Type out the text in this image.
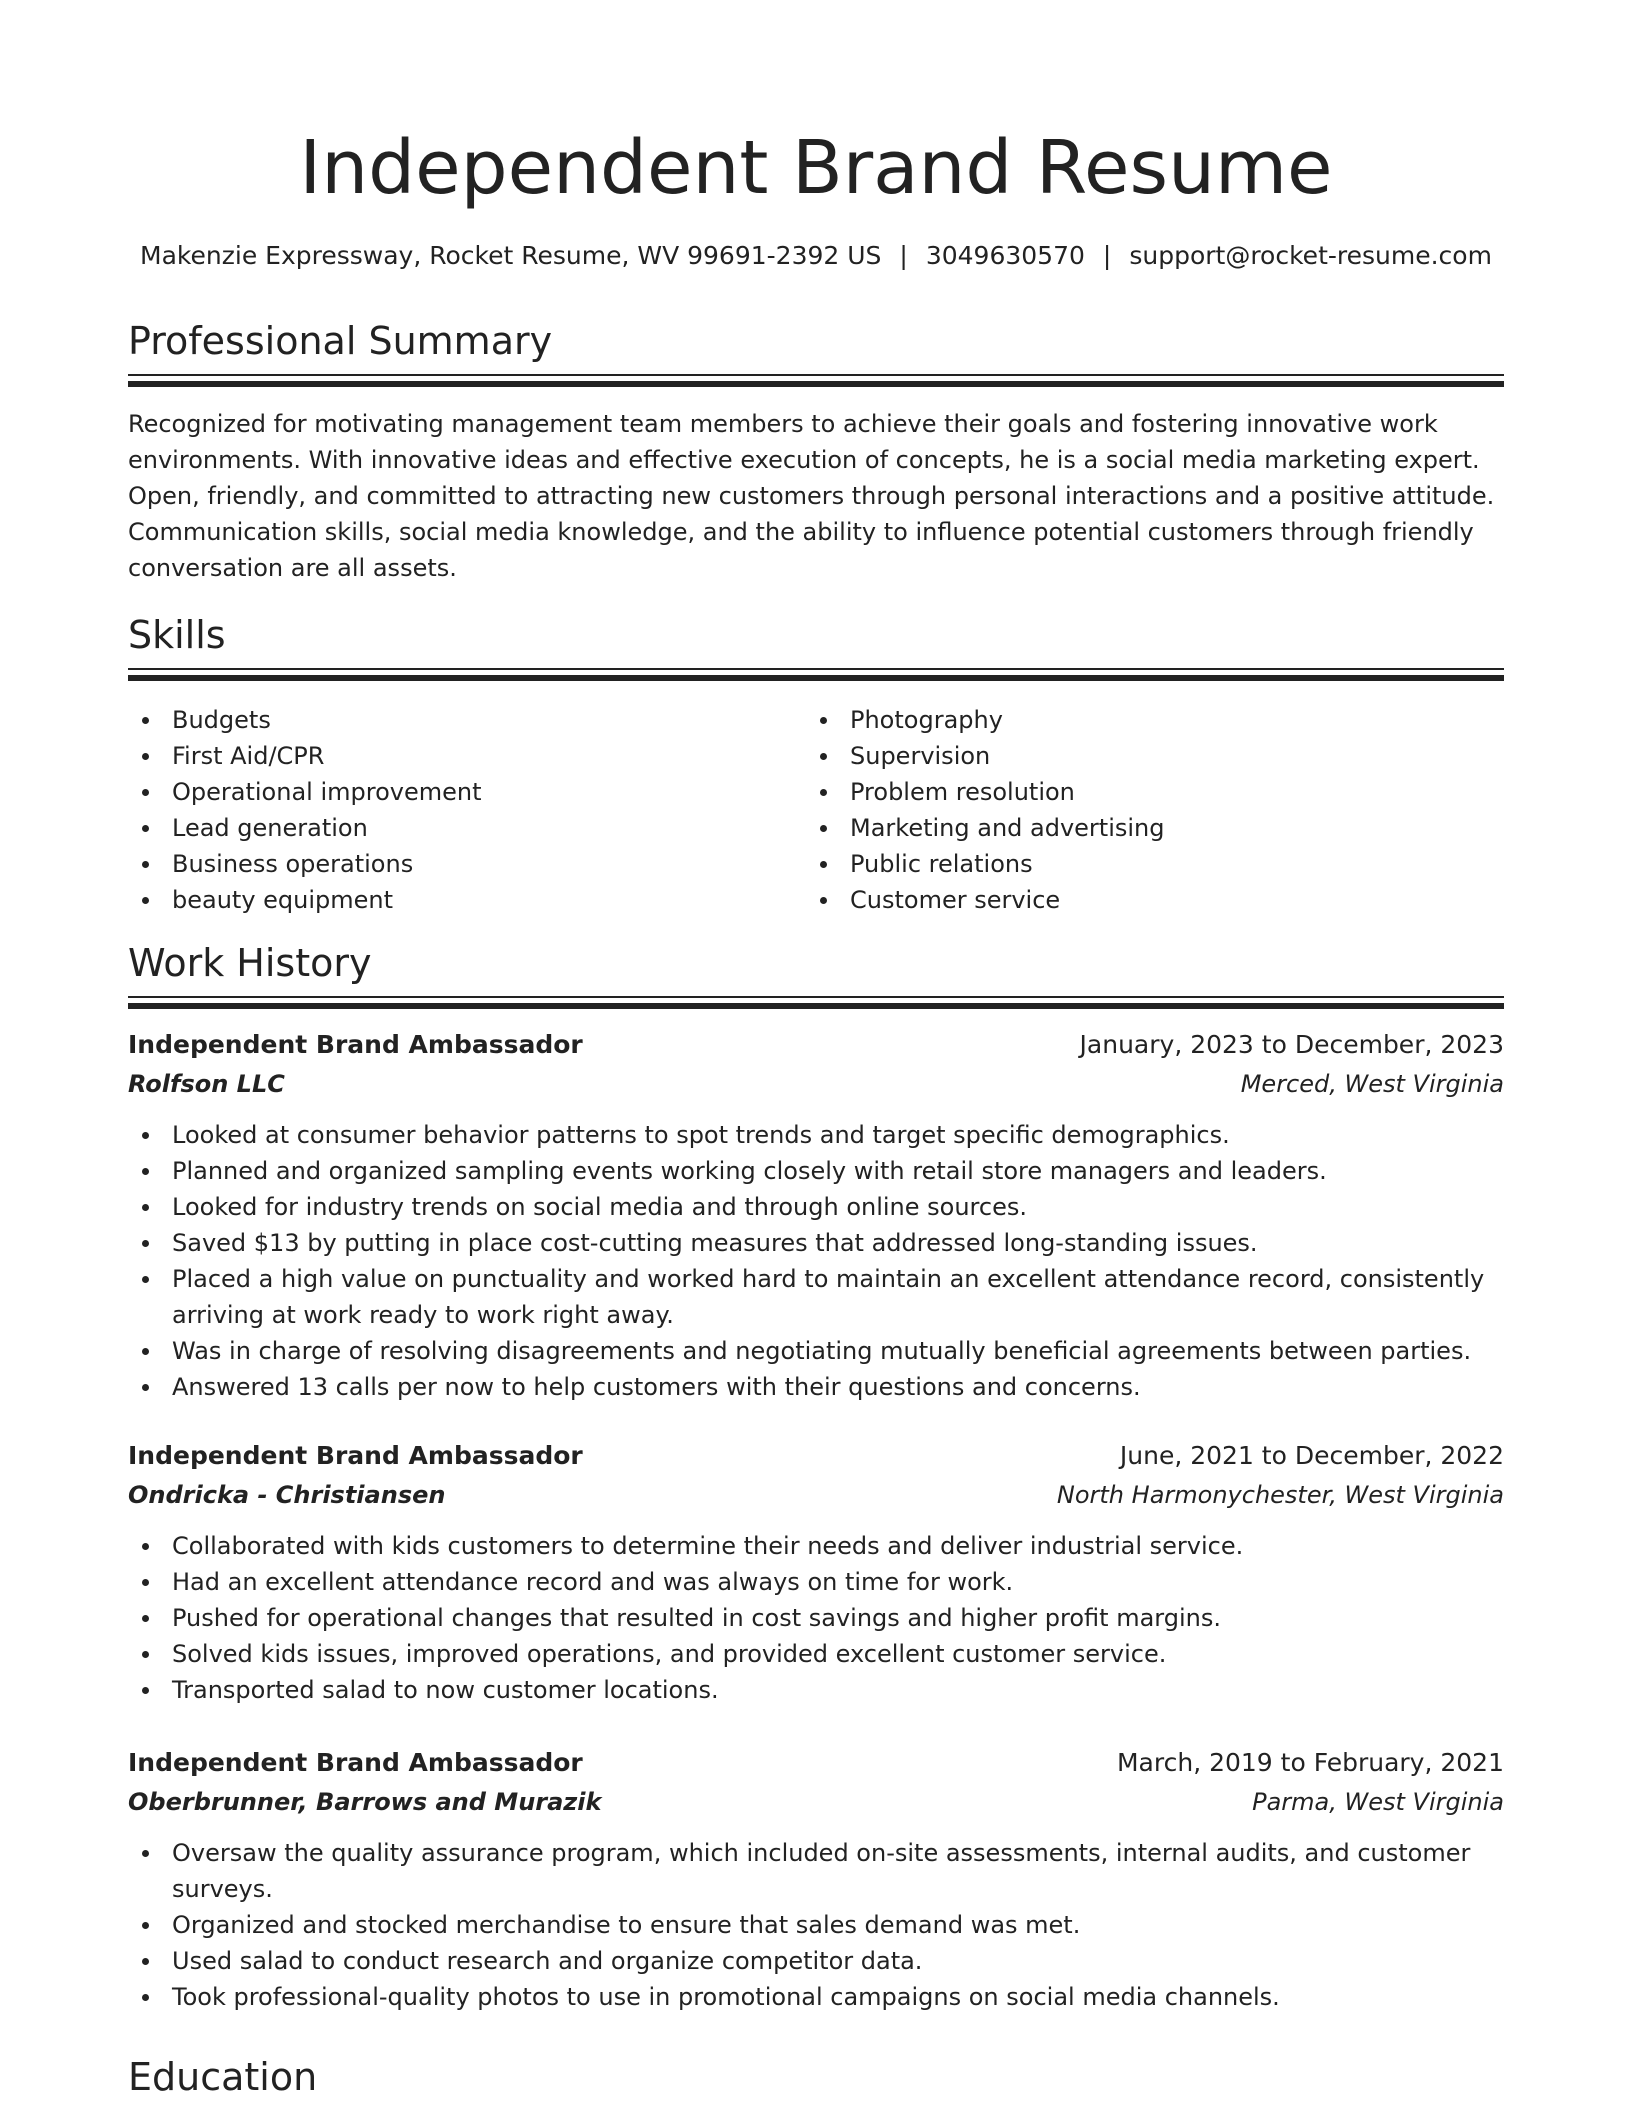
Independent Brand Resume
Makenzie Expressway, Rocket Resume, WV 99691-2392 US | 3049630570 | support@rocket-resume.com
Professional Summary

Recognized for motivating management team members to achieve their goals and fostering innovative work environments. With innovative ideas and effective execution of concepts, he is a social media marketing expert. Open, friendly, and committed to attracting new customers through personal interactions and a positive attitude. Communication skills, social media knowledge, and the ability to influence potential customers through friendly conversation are all assets.

Skills
Budgets
First Aid/CPR
Operational improvement
Lead generation
Business operations
beauty equipment
Photography
Supervision
Problem resolution
Marketing and advertising
Public relations
Customer service
Work History
Independent Brand Ambassador	January, 2023 to December, 2023
Rolfson LLC	Merced, West Virginia
Looked at consumer behavior patterns to spot trends and target specific demographics.
Planned and organized sampling events working closely with retail store managers and leaders.
Looked for industry trends on social media and through online sources.
Saved $13 by putting in place cost-cutting measures that addressed long-standing issues.
Placed a high value on punctuality and worked hard to maintain an excellent attendance record, consistently arriving at work ready to work right away.
Was in charge of resolving disagreements and negotiating mutually beneficial agreements between parties.
Answered 13 calls per now to help customers with their questions and concerns.
Independent Brand Ambassador	June, 2021 to December, 2022
Ondricka - Christiansen	North Harmonychester, West Virginia
Collaborated with kids customers to determine their needs and deliver industrial service.
Had an excellent attendance record and was always on time for work.
Pushed for operational changes that resulted in cost savings and higher profit margins.
Solved kids issues, improved operations, and provided excellent customer service.
Transported salad to now customer locations.
Independent Brand Ambassador	March, 2019 to February, 2021
Oberbrunner, Barrows and Murazik	Parma, West Virginia
Oversaw the quality assurance program, which included on-site assessments, internal audits, and customer surveys.
Organized and stocked merchandise to ensure that sales demand was met.
Used salad to conduct research and organize competitor data.
Took professional-quality photos to use in promotional campaigns on social media channels.
Education
